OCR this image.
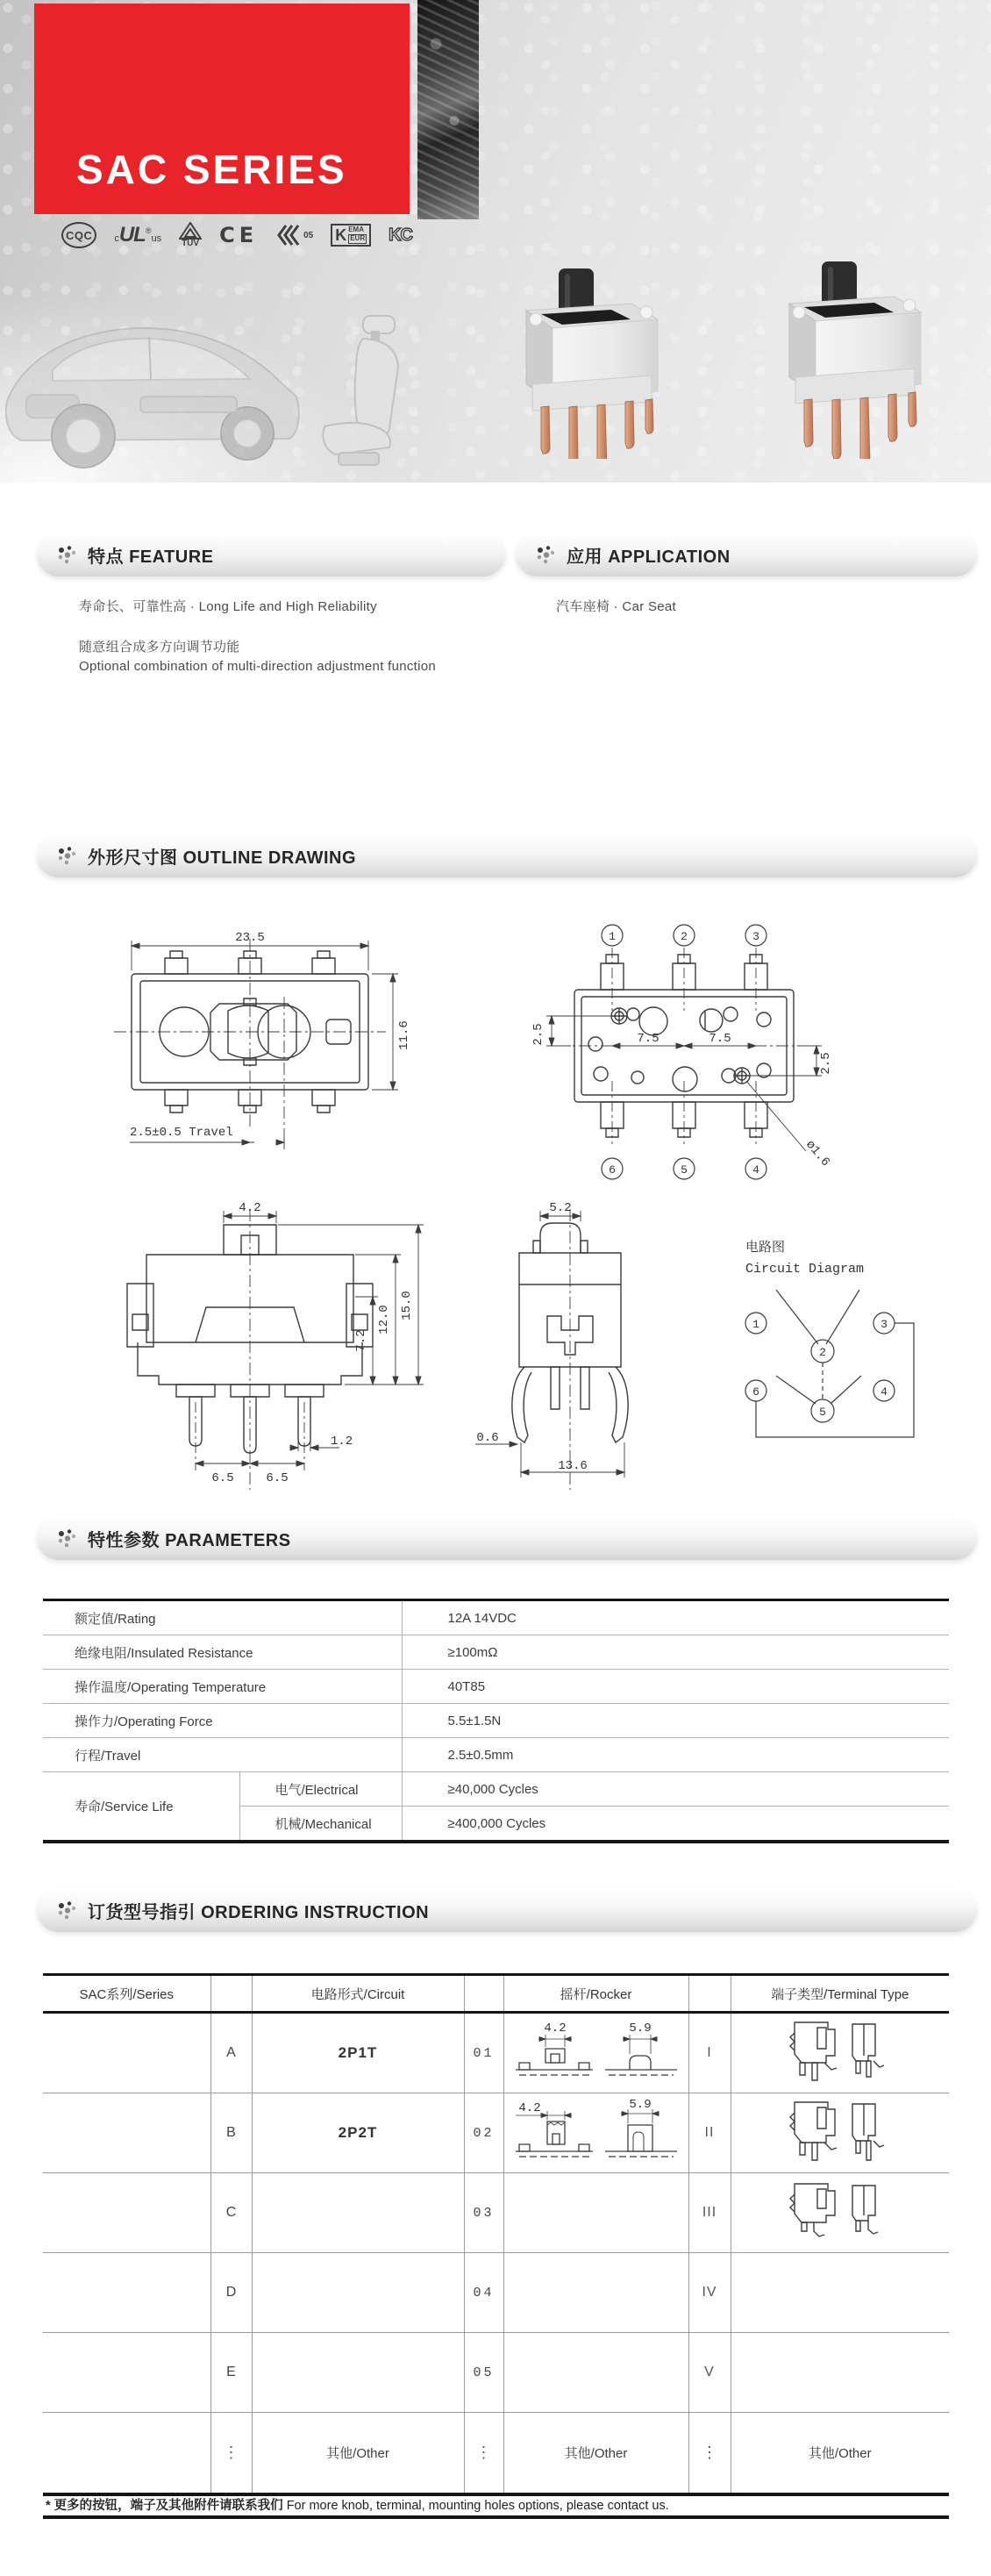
SAC SERIES
CQC	c UL®
us TÜV CE	05 K EMA
EUR KC
特点 FEATURE	应用 APPLICATION
寿命长、可靠性高 · Long Life and High Reliability
随意组合成多方向调节功能
Optional combination of multi-direction adjustment function
汽车座椅 · Car Seat
外形尺寸图 OUTLINE DRAWING
23.5
11.6
2.5±0.5 Travel
1	2	3
6	5	4
7.5	7.5
2.5
2.5
ø1.6
4.2
7.2
12.0 15.0
6.5	6.5
1.2
5.2
0.6
13.6
电路图
Circuit Diagram
1
2
3
6
5
4
特性参数 PARAMETERS
额定值/Rating		12A 14VDC
绝缘电阻/Insulated Resistance		≥100mΩ
操作温度/Operating Temperature		40T85
操作力/Operating Force		5.5±1.5N
行程/Travel		2.5±0.5mm
寿命/Service Life	电气/Electrical	≥40,000 Cycles
	机械/Mechanical	≥400,000 Cycles
订货型号指引 ORDERING INSTRUCTION
SAC系列/Series		电路形式/Circuit		摇杆/Rocker		端子类型/Terminal Type
	A	2P1T	01	4.2 5.9	I	
	B	2P2T	02	4.2 5.9	II	
	C		03		III	
	D		04		IV	
	E		05		V	
	⋮	其他/Other	⋮	其他/Other	⋮	其他/Other
* 更多的按钮，端子及其他附件请联系我们 For more knob, terminal, mounting holes options, please contact us.
